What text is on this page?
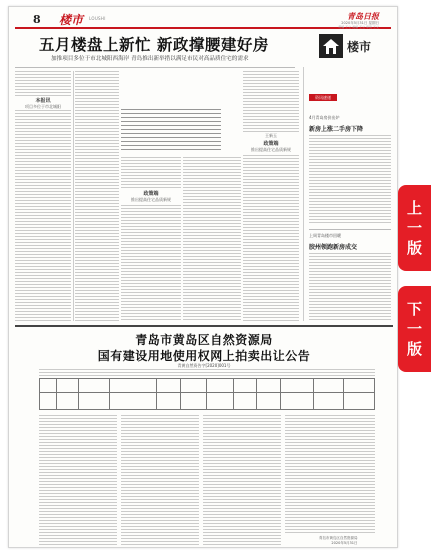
8 楼市 LOUSHI	青岛日报
2020年5月31日 星期日
责编 王立 美编 王立 审读 王义
五月楼盘上新忙 新政撑腰建好房
加推项目多位于市北城阳西海岸 青岛推出新举措以满足市民对高品质住宅的需求
楼市
本报讯
项目多位于市北城阳
政策端
推出提高住宅品质新规
政策端
推出提高住宅品质新规
王新玉
资讯速递
4月青岛房价出炉
新房上涨二手房下降
上周青岛楼市回暖
胶州领跑新房成交
青岛市黄岛区自然资源局
国有建设用地使用权网上拍卖出让公告
青黄自然资告字[2020]001号

青岛市黄岛区自然资源局
2020年5月31日
上
一
版
下
一
版
